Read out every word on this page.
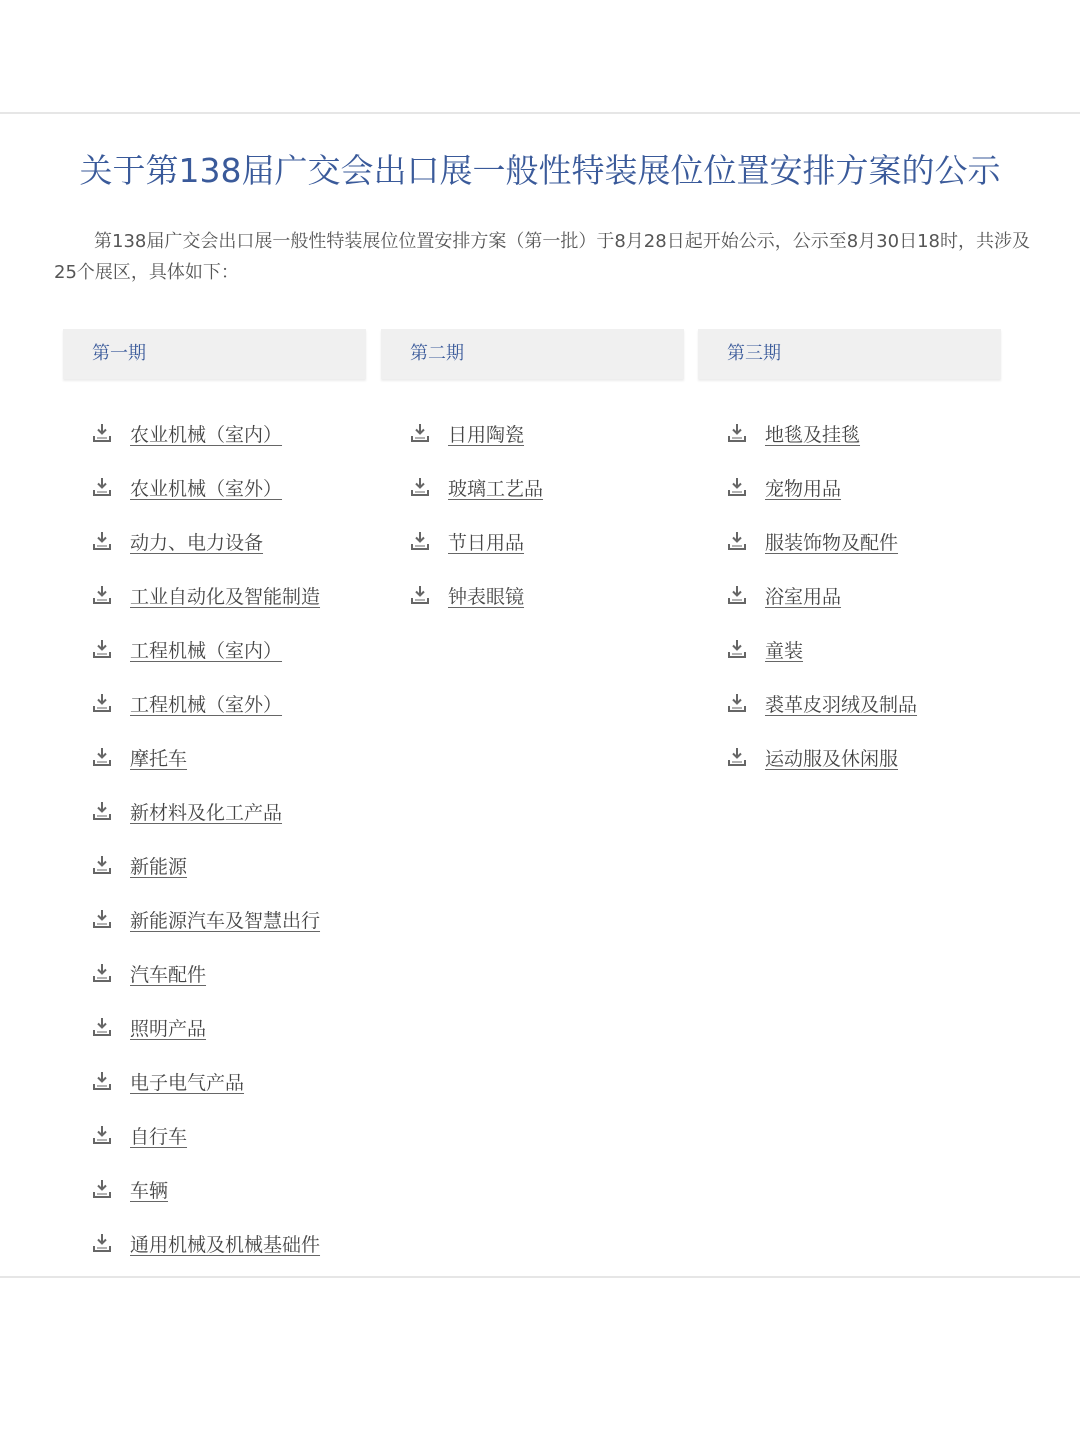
关于第138届广交会出口展一般性特装展位位置安排方案的公示

第138届广交会出口展一般性特装展位位置安排方案（第一批）于8月28日起开始公示，公示至8月30日18时，共涉及25个展区，具体如下：

第一期	第二期	第三期
农业机械（室内）
农业机械（室外）
动力、电力设备
工业自动化及智能制造
工程机械（室内）
工程机械（室外）
摩托车
新材料及化工产品
新能源
新能源汽车及智慧出行
汽车配件
照明产品
电子电气产品
自行车
车辆
通用机械及机械基础件
日用陶瓷
玻璃工艺品
节日用品
钟表眼镜
地毯及挂毯
宠物用品
服装饰物及配件
浴室用品
童装
裘革皮羽绒及制品
运动服及休闲服
